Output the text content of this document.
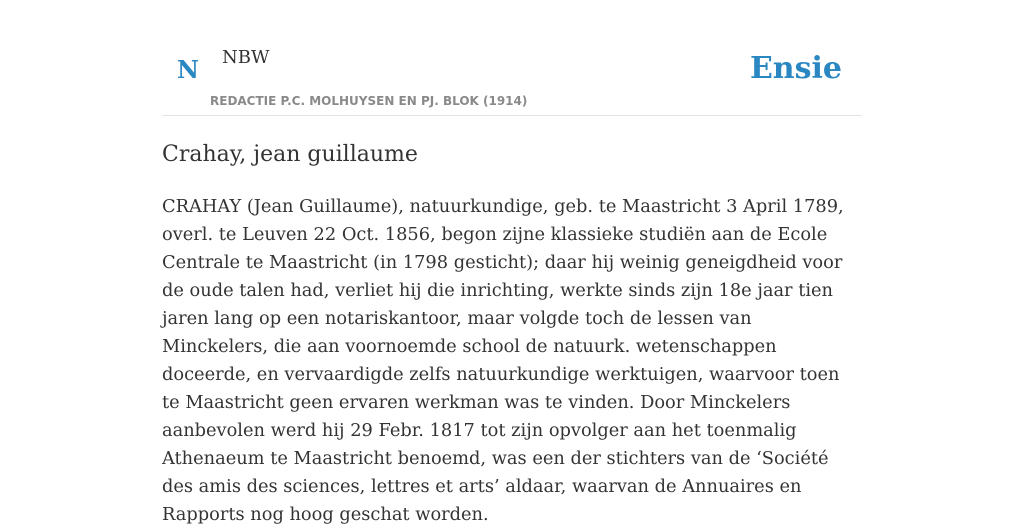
N NBW
REDACTIE P.C. MOLHUYSEN EN PJ. BLOK (1914)
Ensie
Crahay, jean guillaume

CRAHAY (Jean Guillaume), natuurkundige, geb. te Maastricht 3 April 1789, overl. te Leuven 22 Oct. 1856, begon zijne klassieke studiën aan de Ecole Centrale te Maastricht (in 1798 gesticht); daar hij weinig geneigdheid voor de oude talen had, verliet hij die inrichting, werkte sinds zijn 18e jaar tien jaren lang op een notariskantoor, maar volgde toch de lessen van Minckelers, die aan voornoemde school de natuurk. wetenschappen doceerde, en vervaardigde zelfs natuurkundige werktuigen, waarvoor toen te Maastricht geen ervaren werkman was te vinden. Door Minckelers aanbevolen werd hij 29 Febr. 1817 tot zijn opvolger aan het toenmalig Athenaeum te Maastricht benoemd, was een der stichters van de ‘Société des amis des sciences, lettres et arts’ aldaar, waarvan de Annuaires en Rapports nog hoog geschat worden.
